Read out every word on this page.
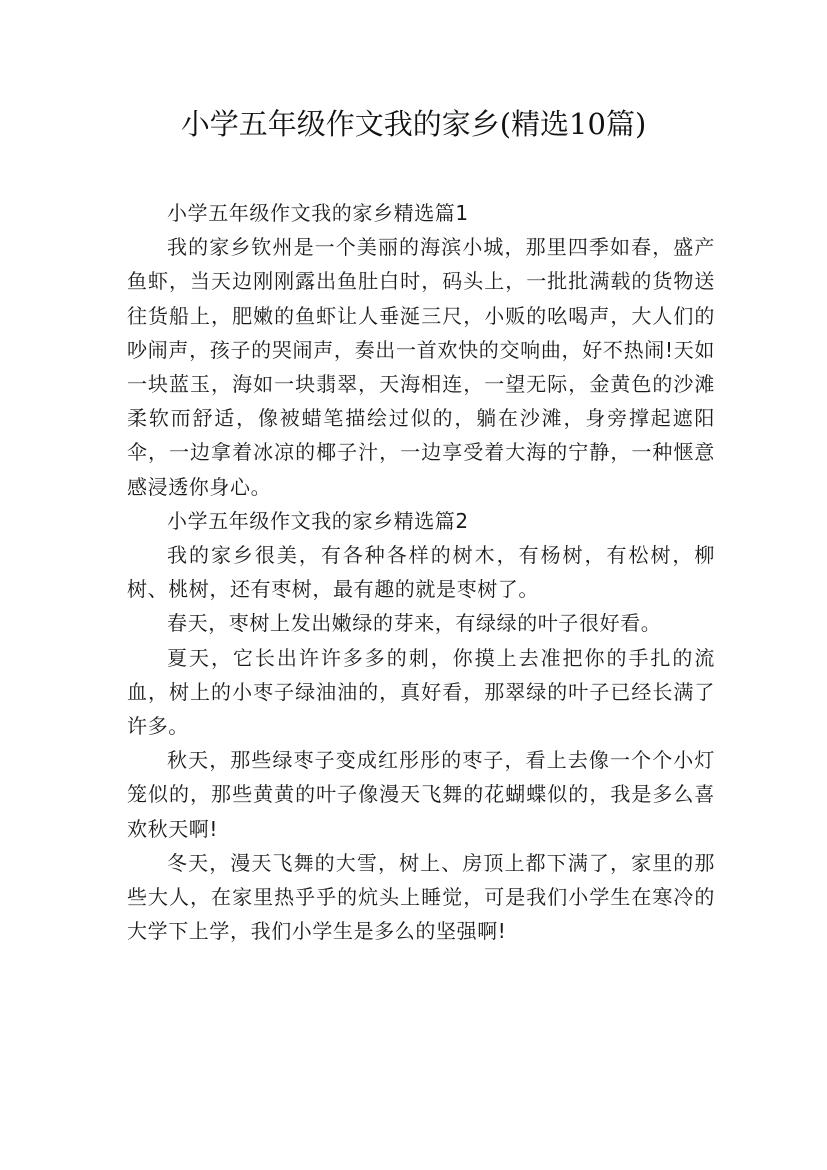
小学五年级作文我的家乡(精选10篇)

小学五年级作文我的家乡精选篇1

我的家乡钦州是一个美丽的海滨小城，那里四季如春，盛产鱼虾，当天边刚刚露出鱼肚白时，码头上，一批批满载的货物送往货船上，肥嫩的鱼虾让人垂涎三尺，小贩的吆喝声，大人们的吵闹声，孩子的哭闹声，奏出一首欢快的交响曲，好不热闹!天如一块蓝玉，海如一块翡翠，天海相连，一望无际，金黄色的沙滩柔软而舒适，像被蜡笔描绘过似的，躺在沙滩，身旁撑起遮阳伞，一边拿着冰凉的椰子汁，一边享受着大海的宁静，一种惬意感浸透你身心。

小学五年级作文我的家乡精选篇2

我的家乡很美，有各种各样的树木，有杨树，有松树，柳树、桃树，还有枣树，最有趣的就是枣树了。

春天，枣树上发出嫩绿的芽来，有绿绿的叶子很好看。

夏天，它长出许许多多的刺，你摸上去准把你的手扎的流血，树上的小枣子绿油油的，真好看，那翠绿的叶子已经长满了许多。

秋天，那些绿枣子变成红彤彤的枣子，看上去像一个个小灯笼似的，那些黄黄的叶子像漫天飞舞的花蝴蝶似的，我是多么喜欢秋天啊!

冬天，漫天飞舞的大雪，树上、房顶上都下满了，家里的那些大人，在家里热乎乎的炕头上睡觉，可是我们小学生在寒冷的大学下上学，我们小学生是多么的坚强啊!
